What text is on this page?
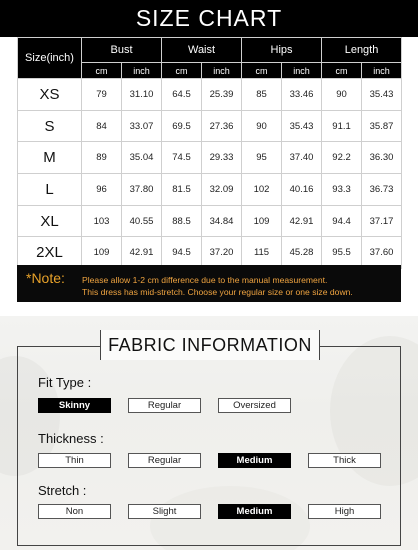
SIZE CHART
Size(inch)	Bust		Waist		Hips		Length	
	cm	inch	cm	inch	cm	inch	cm	inch
XS	79	31.10	64.5	25.39	85	33.46	90	35.43
S	84	33.07	69.5	27.36	90	35.43	91.1	35.87
M	89	35.04	74.5	29.33	95	37.40	92.2	36.30
L	96	37.80	81.5	32.09	102	40.16	93.3	36.73
XL	103	40.55	88.5	34.84	109	42.91	94.4	37.17
2XL	109	42.91	94.5	37.20	115	45.28	95.5	37.60
*Note: Please allow 1-2 cm difference due to the manual measurement.
This dress has mid-stretch. Choose your regular size or one size down.
FABRIC INFORMATION
Fit Type :
Skinny	Regular	Oversized
Thickness :
Thin	Regular	Medium	Thick
Stretch :
Non	Slight	Medium	High
